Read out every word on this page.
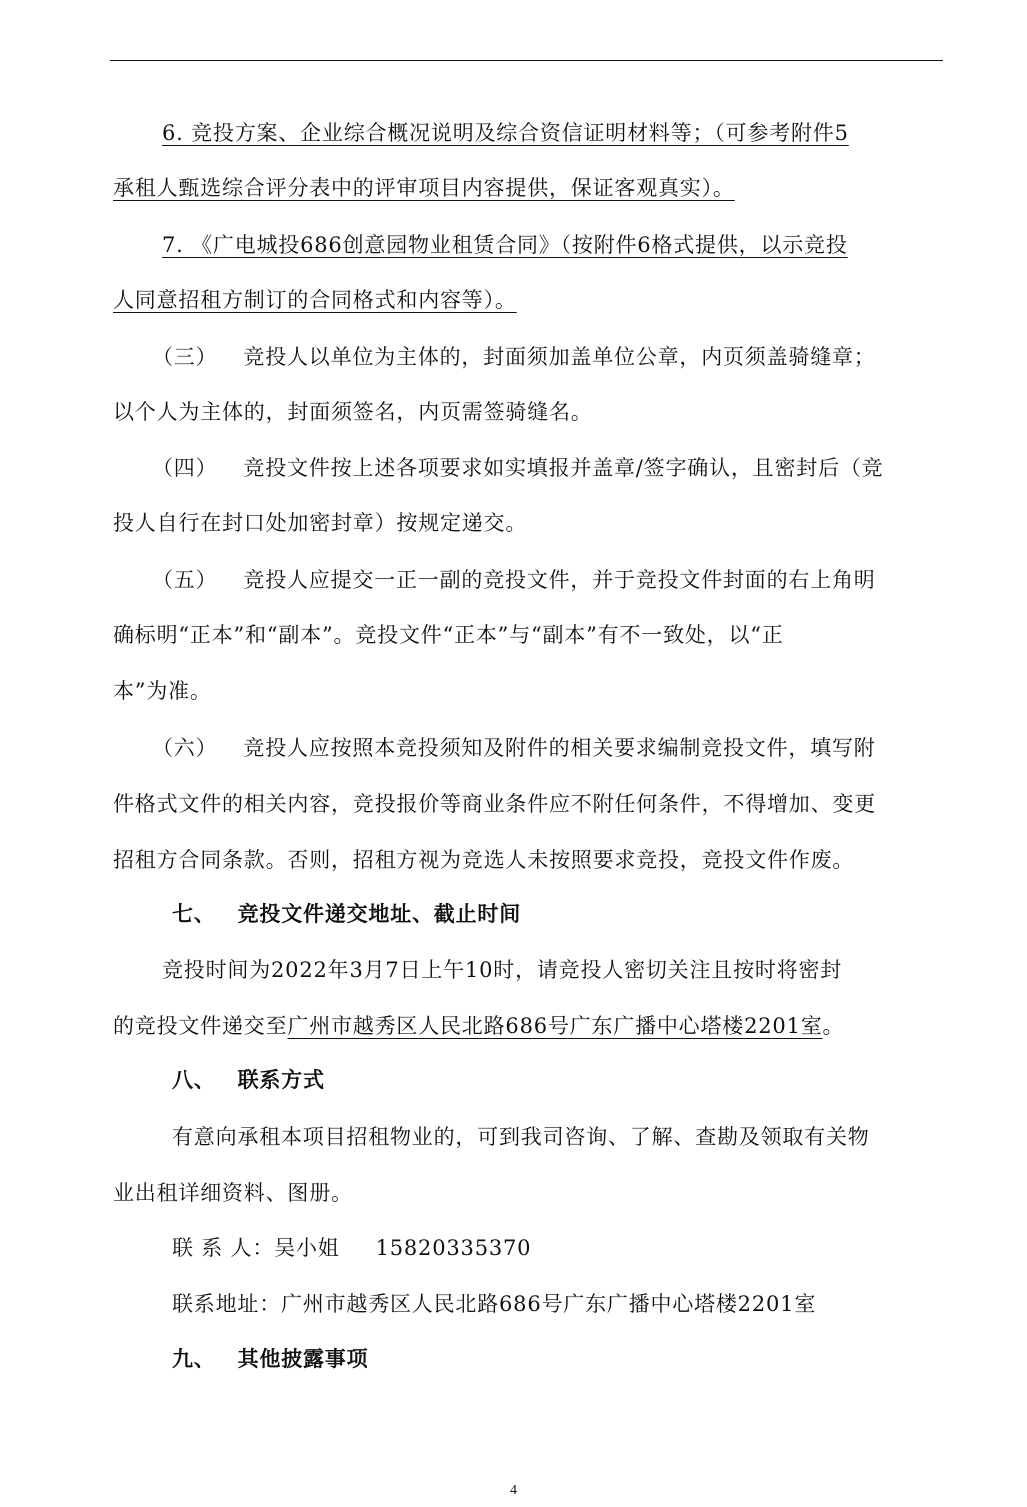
6. 竞投方案、企业综合概况说明及综合资信证明材料等；（可参考附件5
承租人甄选综合评分表中的评审项目内容提供，保证客观真实）。
7. 《广电城投686创意园物业租赁合同》（按附件6格式提供，以示竞投
人同意招租方制订的合同格式和内容等）。
（三） 竞投人以单位为主体的，封面须加盖单位公章，内页须盖骑缝章；
以个人为主体的，封面须签名，内页需签骑缝名。
（四） 竞投文件按上述各项要求如实填报并盖章/签字确认，且密封后（竞
投人自行在封口处加密封章）按规定递交。
（五） 竞投人应提交一正一副的竞投文件，并于竞投文件封面的右上角明
确标明“正本”和“副本”。竞投文件“正本”与“副本”有不一致处，以“正
本”为准。
（六） 竞投人应按照本竞投须知及附件的相关要求编制竞投文件，填写附
件格式文件的相关内容，竞投报价等商业条件应不附任何条件，不得增加、变更
招租方合同条款。否则，招租方视为竞选人未按照要求竞投，竞投文件作废。
七、 竞投文件递交地址、截止时间
竞投时间为2022年3月7日上午10时，请竞投人密切关注且按时将密封
的竞投文件递交至广州市越秀区人民北路686号广东广播中心塔楼2201室。
八、 联系方式
有意向承租本项目招租物业的，可到我司咨询、了解、查勘及领取有关物
业出租详细资料、图册。
联 系 人：吴小姐 15820335370
联系地址：广州市越秀区人民北路686号广东广播中心塔楼2201室
九、 其他披露事项
4
